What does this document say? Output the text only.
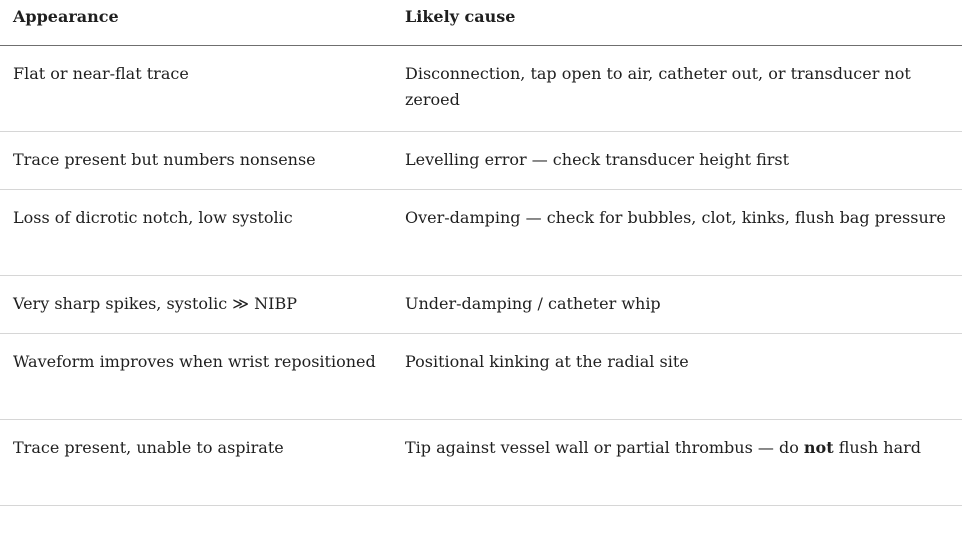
Appearance	Likely cause
Flat or near-flat trace	Disconnection, tap open to air, catheter out, or transducer not zeroed
Trace present but numbers nonsense	Levelling error — check transducer height first
Loss of dicrotic notch, low systolic	Over-damping — check for bubbles, clot, kinks, flush bag pressure
Very sharp spikes, systolic ≫ NIBP	Under-damping / catheter whip
Waveform improves when wrist repositioned	Positional kinking at the radial site
Trace present, unable to aspirate	Tip against vessel wall or partial thrombus — do not flush hard
